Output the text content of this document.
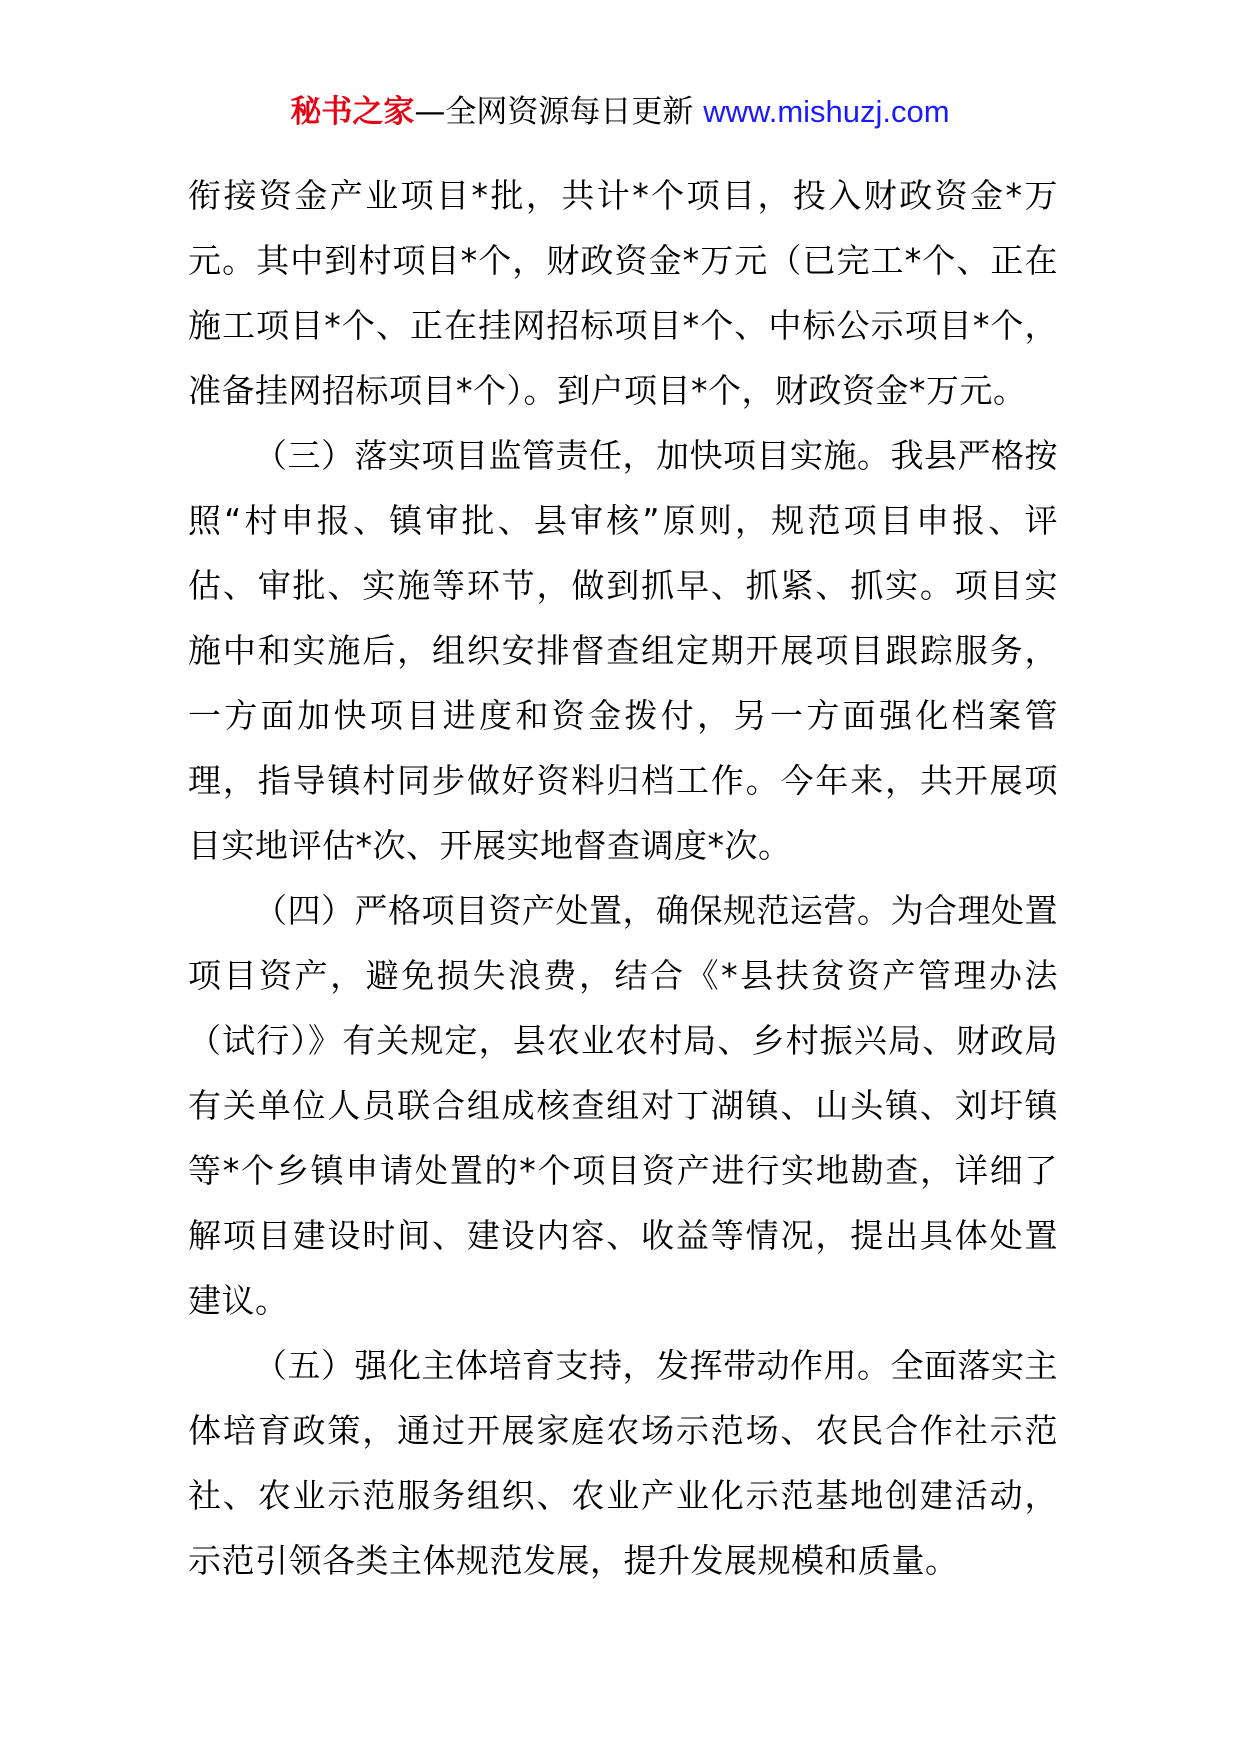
秘书之家—全网资源每日更新 www.mishuzj.com

衔接资金产业项目*批，共计*个项目，投入财政资金*万元。其中到村项目*个，财政资金*万元（已完工*个、正在施工项目*个、正在挂网招标项目*个、中标公示项目*个，准备挂网招标项目*个）。到户项目*个，财政资金*万元。

（三）落实项目监管责任，加快项目实施。我县严格按照“村申报、镇审批、县审核”原则，规范项目申报、评估、审批、实施等环节，做到抓早、抓紧、抓实。项目实施中和实施后，组织安排督查组定期开展项目跟踪服务，一方面加快项目进度和资金拨付，另一方面强化档案管理，指导镇村同步做好资料归档工作。今年来，共开展项目实地评估*次、开展实地督查调度*次。

（四）严格项目资产处置，确保规范运营。为合理处置项目资产，避免损失浪费，结合《*县扶贫资产管理办法（试行）》有关规定，县农业农村局、乡村振兴局、财政局有关单位人员联合组成核查组对丁湖镇、山头镇、刘圩镇等*个乡镇申请处置的*个项目资产进行实地勘查，详细了解项目建设时间、建设内容、收益等情况，提出具体处置建议。

（五）强化主体培育支持，发挥带动作用。全面落实主体培育政策，通过开展家庭农场示范场、农民合作社示范社、农业示范服务组织、农业产业化示范基地创建活动，示范引领各类主体规范发展，提升发展规模和质量。
